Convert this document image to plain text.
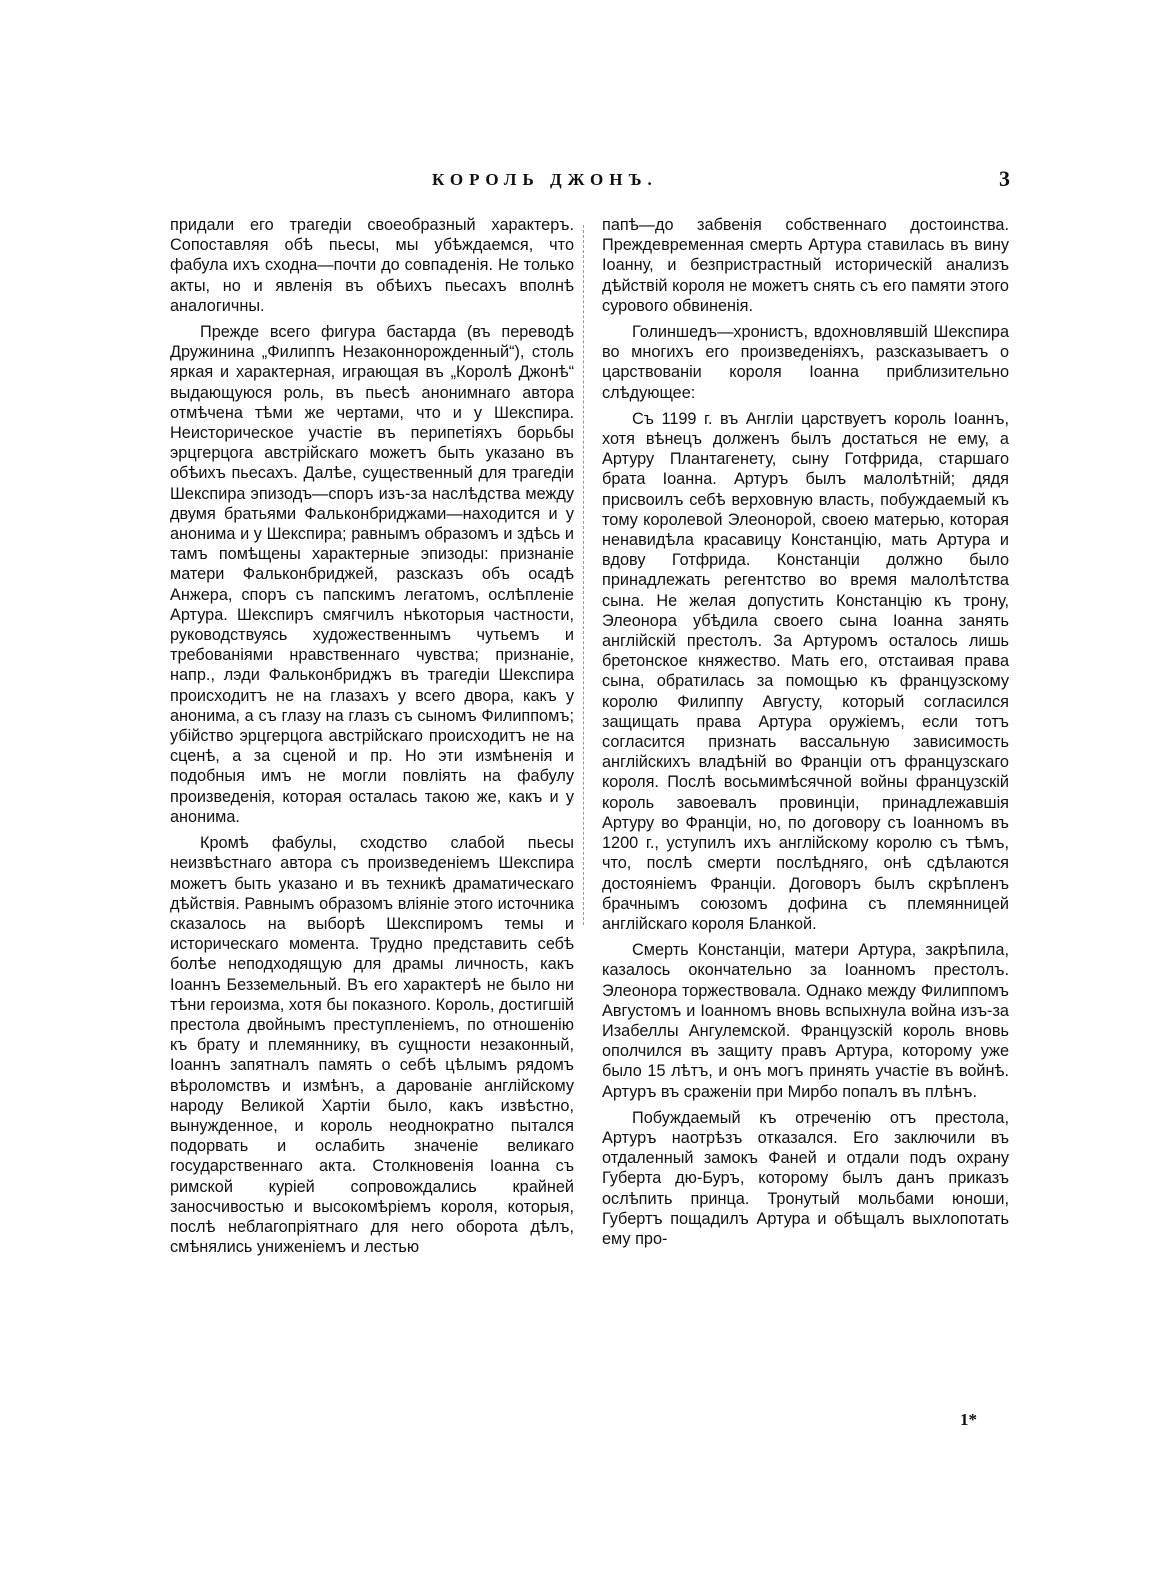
КОРОЛЬ ДЖОНЪ.	3

придали его трагедіи своеобразный характеръ. Сопоставляя обѣ пьесы, мы убѣждаемся, что фабула ихъ сходна—почти до совпаденія. Не только акты, но и явленія въ обѣихъ пьесахъ вполнѣ аналогичны.

Прежде всего фигура бастарда (въ переводѣ Дружинина „Филиппъ Незаконнорожденный“), столь яркая и характерная, играющая въ „Королѣ Джонѣ“ выдающуюся роль, въ пьесѣ анонимнаго автора отмѣчена тѣми же чертами, что и у Шекспира. Неисторическое участіе въ перипетіяхъ борьбы эрцгерцога австрійскаго можетъ быть указано въ обѣихъ пьесахъ. Далѣе, существенный для трагедіи Шекспира эпизодъ—споръ изъ-за наслѣдства между двумя братьями Фальконбриджами—находится и у анонима и у Шекспира; равнымъ образомъ и здѣсь и тамъ помѣщены характерные эпизоды: признаніе матери Фальконбриджей, разсказъ объ осадѣ Анжера, споръ съ папскимъ легатомъ, ослѣпленіе Артура. Шекспиръ смягчилъ нѣкоторыя частности, руководствуясь художественнымъ чутьемъ и требованіями нравственнаго чувства; признаніе, напр., лэди Фальконбриджъ въ трагедіи Шекспира происходитъ не на глазахъ у всего двора, какъ у анонима, а съ глазу на глазъ съ сыномъ Филиппомъ; убійство эрцгерцога австрійскаго происходитъ не на сценѣ, а за сценой и пр. Но эти измѣненія и подобныя имъ не могли повліять на фабулу произведенія, которая осталась такою же, какъ и у анонима.

Кромѣ фабулы, сходство слабой пьесы неизвѣстнаго автора съ произведеніемъ Шекспира можетъ быть указано и въ техникѣ драматическаго дѣйствія. Равнымъ образомъ вліяніе этого источника сказалось на выборѣ Шекспиромъ темы и историческаго момента. Трудно представить себѣ болѣе неподходящую для драмы личность, какъ Іоаннъ Безземельный. Въ его характерѣ не было ни тѣни героизма, хотя бы показного. Король, достигшій престола двойнымъ преступленіемъ, по отношенію къ брату и племяннику, въ сущности незаконный, Іоаннъ запятналъ память о себѣ цѣлымъ рядомъ вѣроломствъ и измѣнъ, а дарованіе англійскому народу Великой Хартіи было, какъ извѣстно, вынужденное, и король неоднократно пытался подорвать и ослабить значеніе великаго государственнаго акта. Столкновенія Іоанна съ римской куріей сопровождались крайней заносчивостью и высокомѣріемъ короля, которыя, послѣ неблагопріятнаго для него оборота дѣлъ, смѣнялись униженіемъ и лестью

папѣ—до забвенія собственнаго достоинства. Преждевременная смерть Артура ставилась въ вину Іоанну, и безпристрастный историческій анализъ дѣйствій короля не можетъ снять съ его памяти этого сурового обвиненія.

Голиншедъ—хронистъ, вдохновлявшій Шекспира во многихъ его произведеніяхъ, разсказываетъ о царствованіи короля Іоанна приблизительно слѣдующее:

Съ 1199 г. въ Англіи царствуетъ король Іоаннъ, хотя вѣнецъ долженъ былъ достаться не ему, а Артуру Плантагенету, сыну Готфрида, старшаго брата Іоанна. Артуръ былъ малолѣтній; дядя присвоилъ себѣ верховную власть, побуждаемый къ тому королевой Элеонорой, своею матерью, которая ненавидѣла красавицу Констанцію, мать Артура и вдову Готфрида. Констанціи должно было принадлежать регентство во время малолѣтства сына. Не желая допустить Констанцію къ трону, Элеонора убѣдила своего сына Іоанна занять англійскій престолъ. За Артуромъ осталось лишь бретонское княжество. Мать его, отстаивая права сына, обратилась за помощью къ французскому королю Филиппу Августу, который согласился защищать права Артура оружіемъ, если тотъ согласится признать вассальную зависимость англійскихъ владѣній во Франціи отъ французскаго короля. Послѣ восьмимѣсячной войны французскій король завоевалъ провинціи, принадлежавшія Артуру во Франціи, но, по договору съ Іоанномъ въ 1200 г., уступилъ ихъ англійскому королю съ тѣмъ, что, послѣ смерти послѣдняго, онѣ сдѣлаются достояніемъ Франціи. Договоръ былъ скрѣпленъ брачнымъ союзомъ дофина съ племянницей англійскаго короля Бланкой.

Смерть Констанціи, матери Артура, закрѣпила, казалось окончательно за Іоанномъ престолъ. Элеонора торжествовала. Однако между Филиппомъ Августомъ и Іоанномъ вновь вспыхнула война изъ-за Изабеллы Ангулемской. Французскій король вновь ополчился въ защиту правъ Артура, которому уже было 15 лѣтъ, и онъ могъ принять участіе въ войнѣ. Артуръ въ сраженіи при Мирбо попалъ въ плѣнъ.

Побуждаемый къ отреченію отъ престола, Артуръ наотрѣзъ отказался. Его заключили въ отдаленный замокъ Фаней и отдали подъ охрану Губерта дю-Буръ, которому былъ данъ приказъ ослѣпить принца. Тронутый мольбами юноши, Губертъ пощадилъ Артура и обѣщалъ выхлопотать ему про-

1*
